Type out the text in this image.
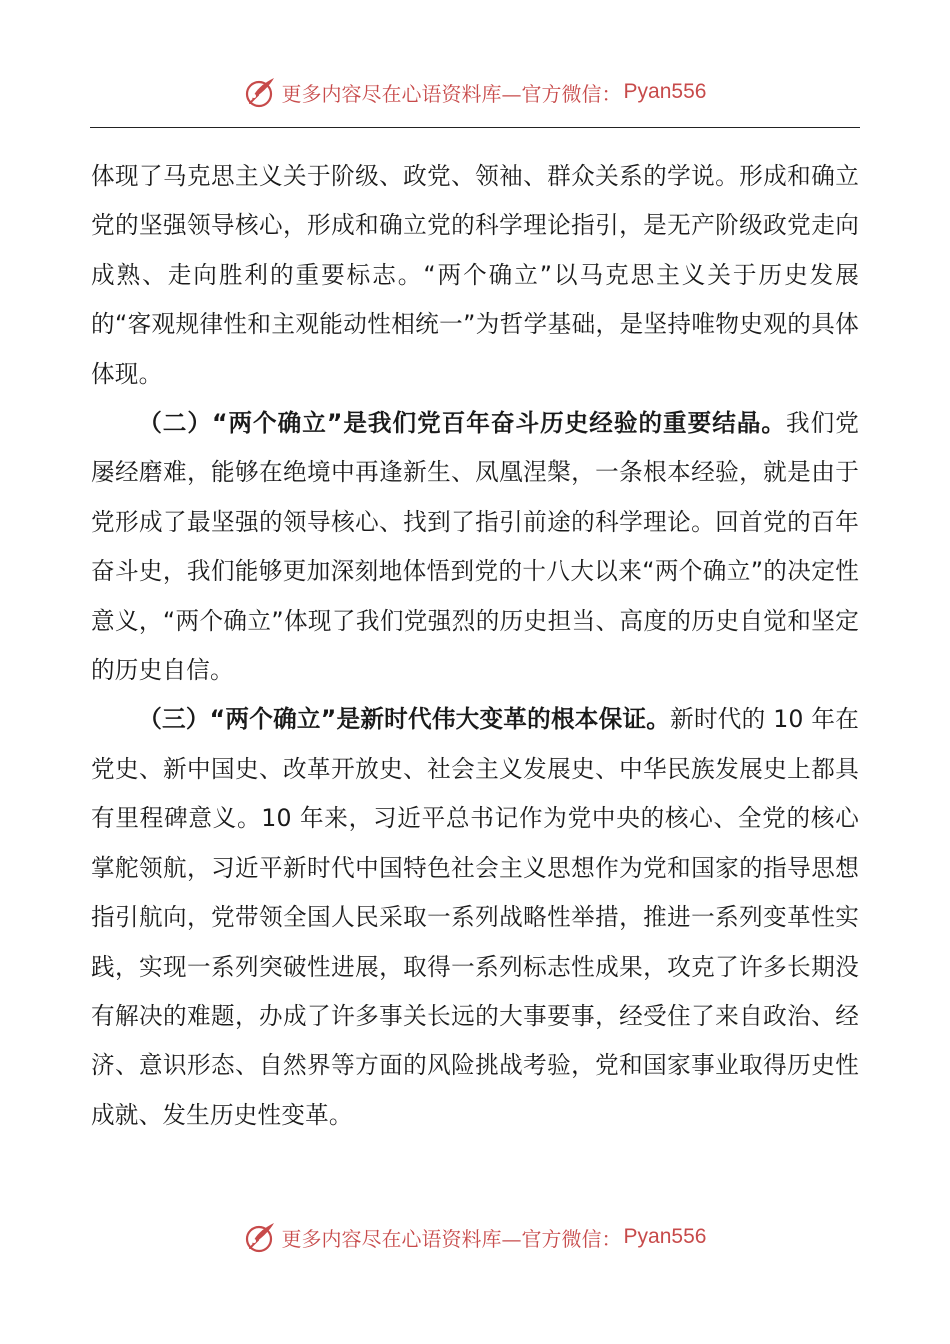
更多内容尽在心语资料库—官方微信： Pyan556

体现了马克思主义关于阶级、政党、领袖、群众关系的学说。形成和确立党的坚强领导核心，形成和确立党的科学理论指引，是无产阶级政党走向成熟、走向胜利的重要标志。“两个确立”以马克思主义关于历史发展的“客观规律性和主观能动性相统一”为哲学基础，是坚持唯物史观的具体体现。

（二）“两个确立”是我们党百年奋斗历史经验的重要结晶。我们党屡经磨难，能够在绝境中再逢新生、凤凰涅槃，一条根本经验，就是由于党形成了最坚强的领导核心、找到了指引前途的科学理论。回首党的百年奋斗史，我们能够更加深刻地体悟到党的十八大以来“两个确立”的决定性意义，“两个确立”体现了我们党强烈的历史担当、高度的历史自觉和坚定的历史自信。

（三）“两个确立”是新时代伟大变革的根本保证。新时代的 10 年在党史、新中国史、改革开放史、社会主义发展史、中华民族发展史上都具有里程碑意义。10 年来，习近平总书记作为党中央的核心、全党的核心掌舵领航，习近平新时代中国特色社会主义思想作为党和国家的指导思想指引航向，党带领全国人民采取一系列战略性举措，推进一系列变革性实践，实现一系列突破性进展，取得一系列标志性成果，攻克了许多长期没有解决的难题，办成了许多事关长远的大事要事，经受住了来自政治、经济、意识形态、自然界等方面的风险挑战考验，党和国家事业取得历史性成就、发生历史性变革。

更多内容尽在心语资料库—官方微信： Pyan556
